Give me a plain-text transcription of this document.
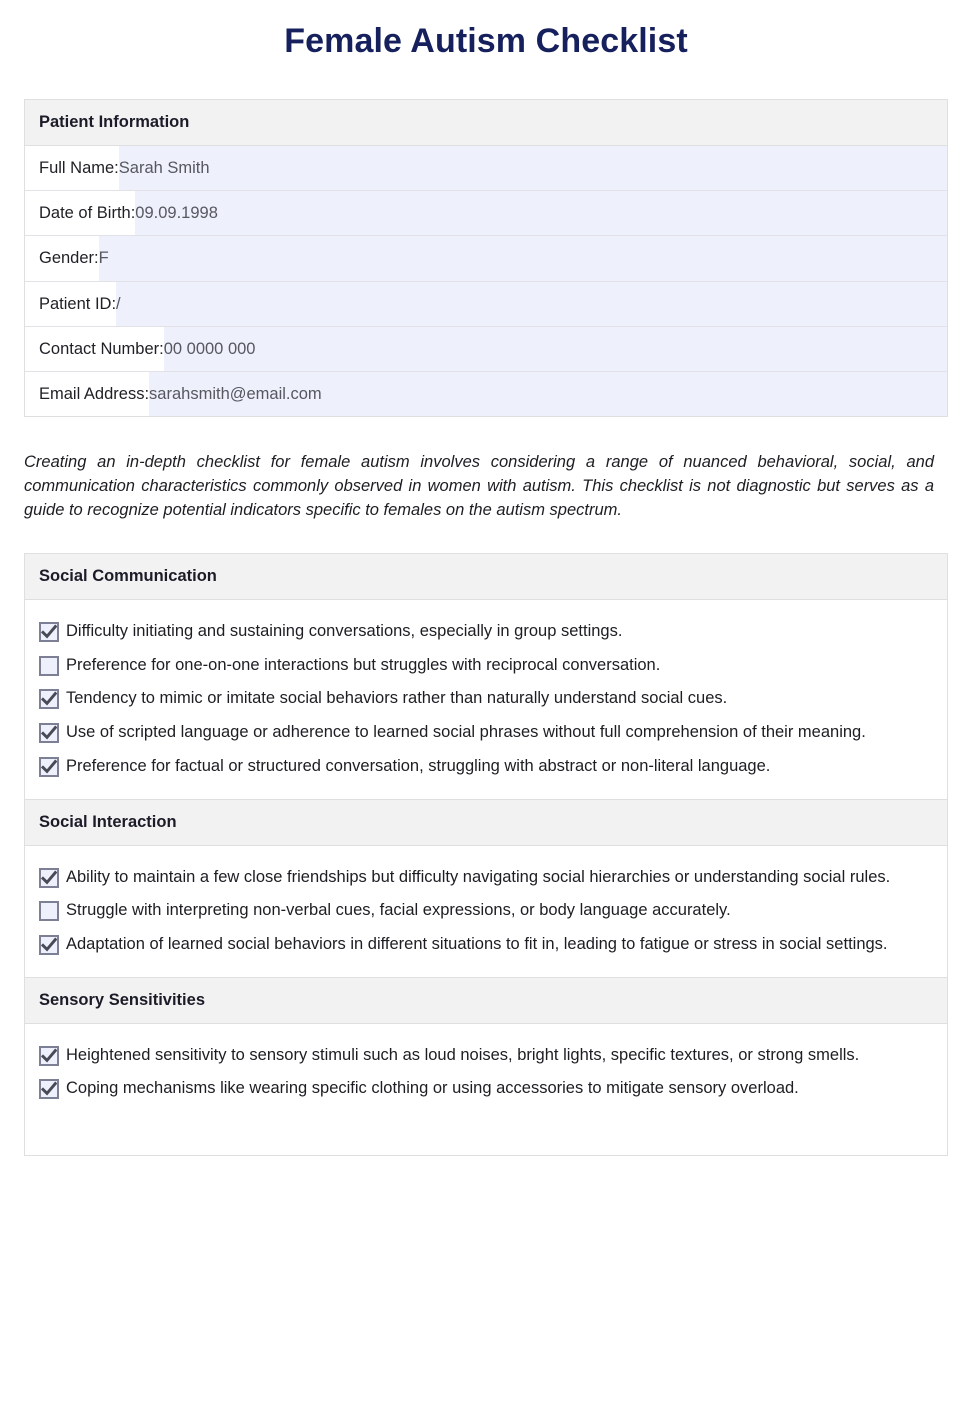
Female Autism Checklist
Patient Information
Full Name: Sarah Smith
Date of Birth: 09.09.1998
Gender: F
Patient ID: /
Contact Number: 00 0000 000
Email Address: sarahsmith@email.com

Creating an in-depth checklist for female autism involves considering a range of nuanced behavioral, social, and communication characteristics commonly observed in women with autism. This checklist is not diagnostic but serves as a guide to recognize potential indicators specific to females on the autism spectrum.

Social Communication
Difficulty initiating and sustaining conversations, especially in group settings.
Preference for one-on-one interactions but struggles with reciprocal conversation.
Tendency to mimic or imitate social behaviors rather than naturally understand social cues.
Use of scripted language or adherence to learned social phrases without full comprehension of their meaning.
Preference for factual or structured conversation, struggling with abstract or non-literal language.
Social Interaction
Ability to maintain a few close friendships but difficulty navigating social hierarchies or understanding social rules.
Struggle with interpreting non-verbal cues, facial expressions, or body language accurately.
Adaptation of learned social behaviors in different situations to fit in, leading to fatigue or stress in social settings.
Sensory Sensitivities
Heightened sensitivity to sensory stimuli such as loud noises, bright lights, specific textures, or strong smells.
Coping mechanisms like wearing specific clothing or using accessories to mitigate sensory overload.
